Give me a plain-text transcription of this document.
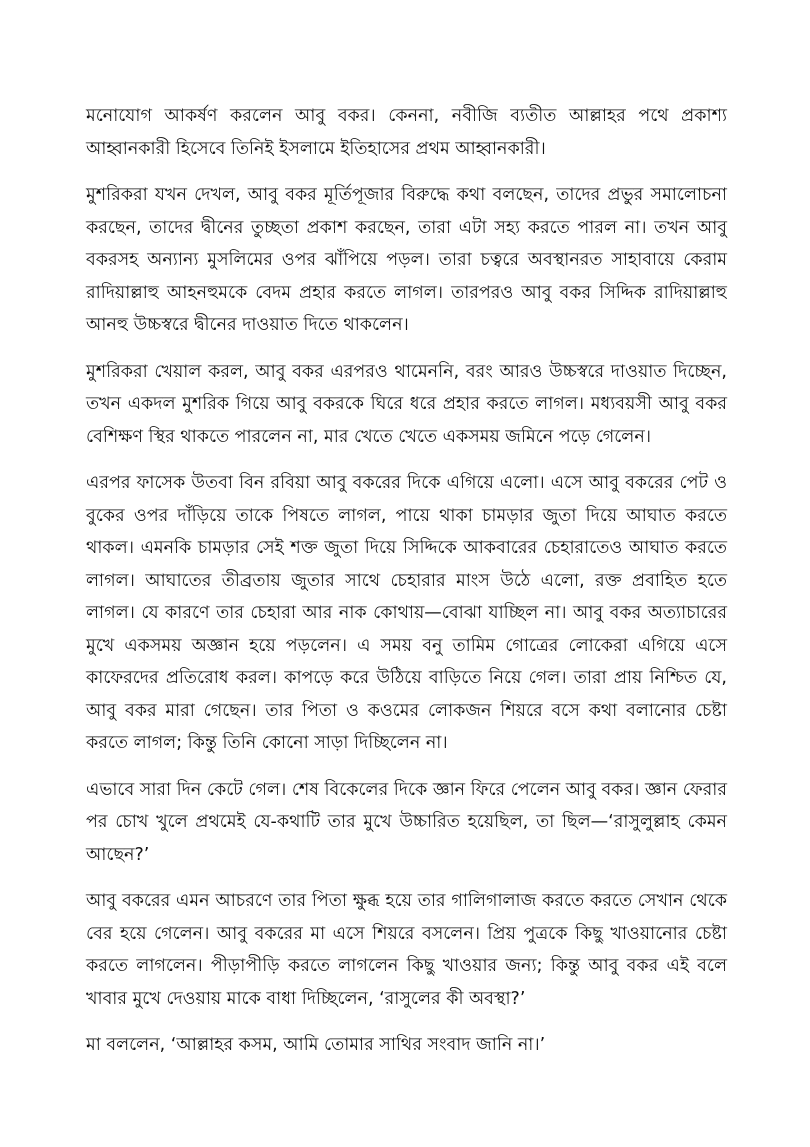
মনোযোগ আকর্ষণ করলেন আবু বকর। কেননা, নবীজি ব্যতীত আল্লাহর পথে প্রকাশ্য আহ্বানকারী হিসেবে তিনিই ইসলামে ইতিহাসের প্রথম আহ্বানকারী।

মুশরিকরা যখন দেখল, আবু বকর মূর্তিপূজার বিরুদ্ধে কথা বলছেন, তাদের প্রভুর সমালোচনা করছেন, তাদের দ্বীনের তুচ্ছতা প্রকাশ করছেন, তারা এটা সহ্য করতে পারল না। তখন আবু বকরসহ অন্যান্য মুসলিমের ওপর ঝাঁপিয়ে পড়ল। তারা চত্বরে অবস্থানরত সাহাবায়ে কেরাম রাদিয়াল্লাহু আহনহুমকে বেদম প্রহার করতে লাগল। তারপরও আবু বকর সিদ্দিক রাদিয়াল্লাহু আনহু উচ্চস্বরে দ্বীনের দাওয়াত দিতে থাকলেন।

মুশরিকরা খেয়াল করল, আবু বকর এরপরও থামেননি, বরং আরও উচ্চস্বরে দাওয়াত দিচ্ছেন, তখন একদল মুশরিক গিয়ে আবু বকরকে ঘিরে ধরে প্রহার করতে লাগল। মধ্যবয়সী আবু বকর বেশিক্ষণ স্থির থাকতে পারলেন না, মার খেতে খেতে একসময় জমিনে পড়ে গেলেন।

এরপর ফাসেক উতবা বিন রবিয়া আবু বকরের দিকে এগিয়ে এলো। এসে আবু বকরের পেট ও বুকের ওপর দাঁড়িয়ে তাকে পিষতে লাগল, পায়ে থাকা চামড়ার জুতা দিয়ে আঘাত করতে থাকল। এমনকি চামড়ার সেই শক্ত জুতা দিয়ে সিদ্দিকে আকবারের চেহারাতেও আঘাত করতে লাগল। আঘাতের তীব্রতায় জুতার সাথে চেহারার মাংস উঠে এলো, রক্ত প্রবাহিত হতে লাগল। যে কারণে তার চেহারা আর নাক কোথায়—বোঝা যাচ্ছিল না। আবু বকর অত্যাচারের মুখে একসময় অজ্ঞান হয়ে পড়লেন। এ সময় বনু তামিম গোত্রের লোকেরা এগিয়ে এসে কাফেরদের প্রতিরোধ করল। কাপড়ে করে উঠিয়ে বাড়িতে নিয়ে গেল। তারা প্রায় নিশ্চিত যে, আবু বকর মারা গেছেন। তার পিতা ও কওমের লোকজন শিয়রে বসে কথা বলানোর চেষ্টা করতে লাগল; কিন্তু তিনি কোনো সাড়া দিচ্ছিলেন না।

এভাবে সারা দিন কেটে গেল। শেষ বিকেলের দিকে জ্ঞান ফিরে পেলেন আবু বকর। জ্ঞান ফেরার পর চোখ খুলে প্রথমেই যে-কথাটি তার মুখে উচ্চারিত হয়েছিল, তা ছিল—‘রাসুলুল্লাহ কেমন আছেন?’

আবু বকরের এমন আচরণে তার পিতা ক্ষুব্ধ হয়ে তার গালিগালাজ করতে করতে সেখান থেকে বের হয়ে গেলেন। আবু বকরের মা এসে শিয়রে বসলেন। প্রিয় পুত্রকে কিছু খাওয়ানোর চেষ্টা করতে লাগলেন। পীড়াপীড়ি করতে লাগলেন কিছু খাওয়ার জন্য; কিন্তু আবু বকর এই বলে খাবার মুখে দেওয়ায় মাকে বাধা দিচ্ছিলেন, ‘রাসুলের কী অবস্থা?’

মা বললেন, ‘আল্লাহর কসম, আমি তোমার সাথির সংবাদ জানি না।’
